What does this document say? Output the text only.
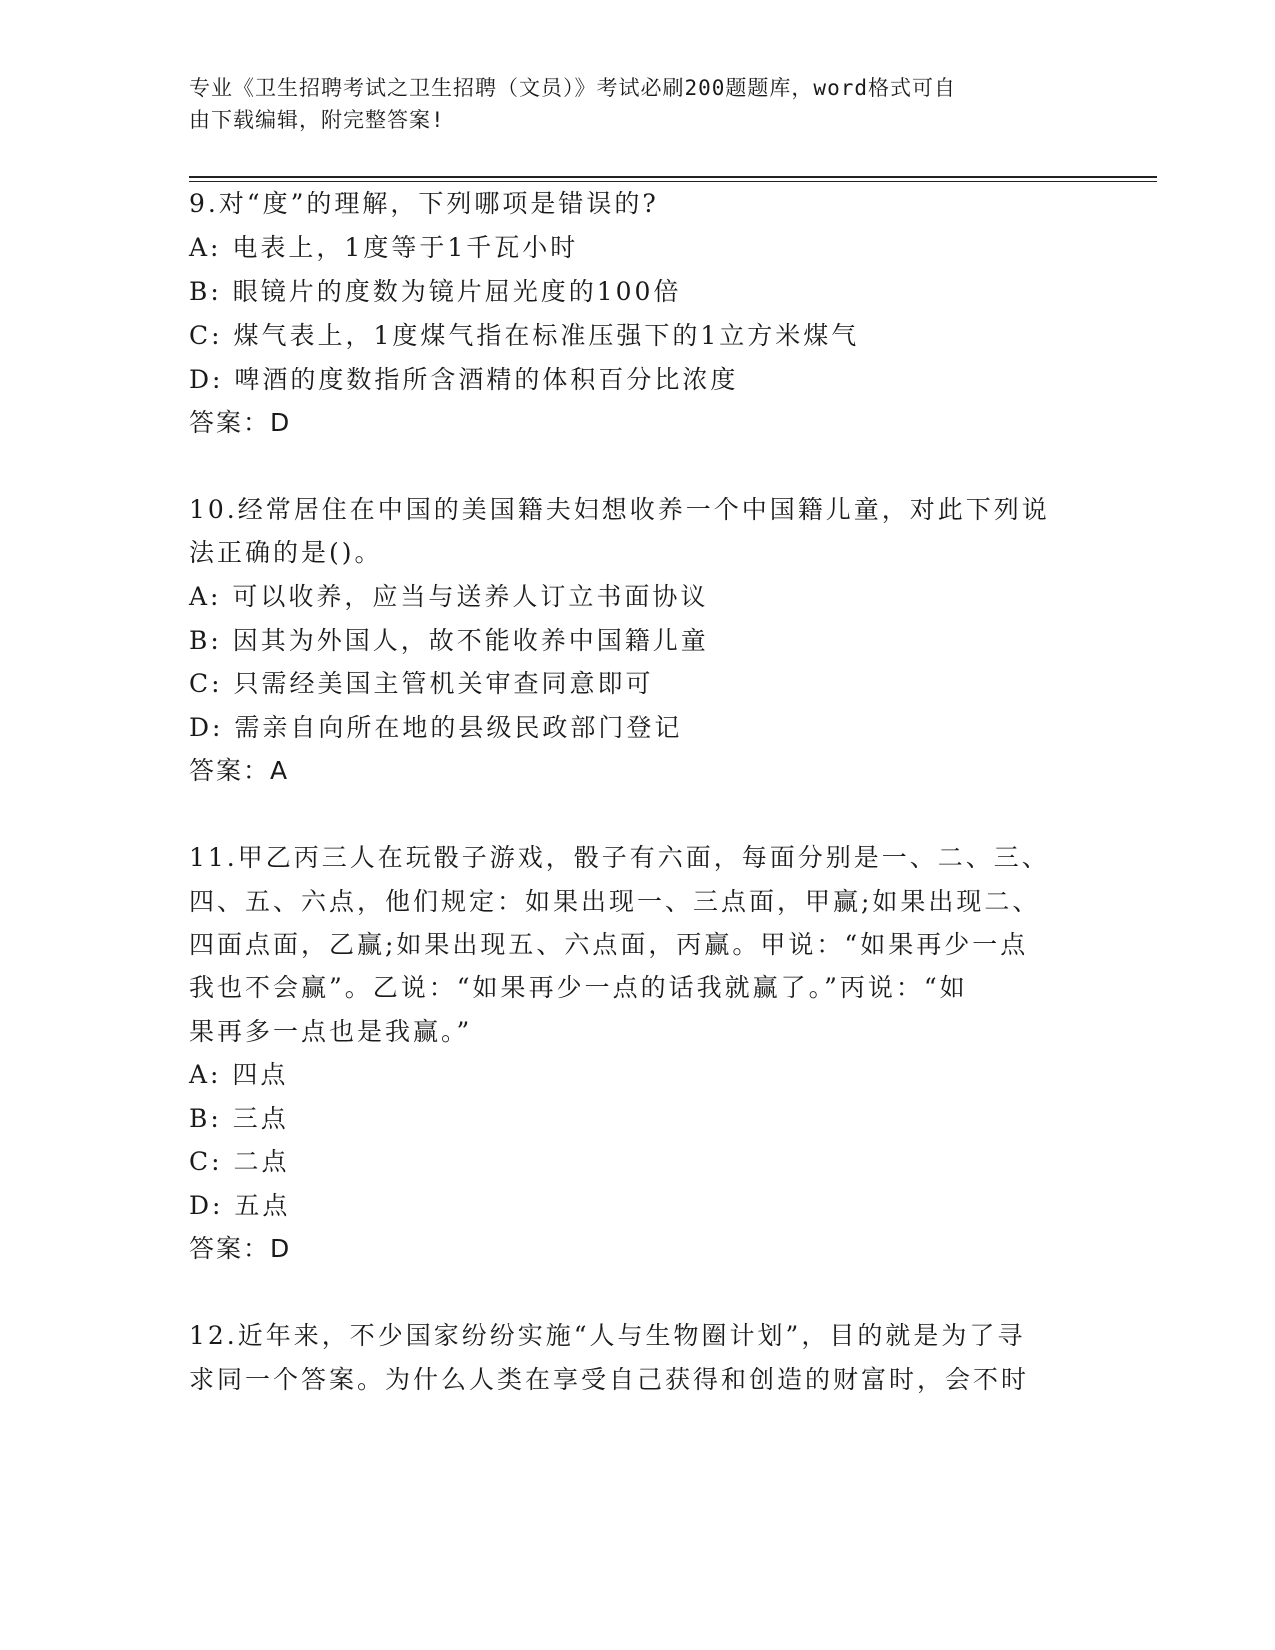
专业《卫生招聘考试之卫生招聘（文员）》考试必刷200题题库，word格式可自
由下载编辑，附完整答案!
9.对“度”的理解，下列哪项是错误的?
A: 电表上，1度等于1千瓦小时
B: 眼镜片的度数为镜片屈光度的100倍
C: 煤气表上，1度煤气指在标准压强下的1立方米煤气
D: 啤酒的度数指所含酒精的体积百分比浓度
答案：D
10.经常居住在中国的美国籍夫妇想收养一个中国籍儿童，对此下列说
法正确的是()。
A: 可以收养，应当与送养人订立书面协议
B: 因其为外国人，故不能收养中国籍儿童
C: 只需经美国主管机关审查同意即可
D: 需亲自向所在地的县级民政部门登记
答案：A
11.甲乙丙三人在玩骰子游戏，骰子有六面，每面分别是一、二、三、
四、五、六点，他们规定：如果出现一、三点面，甲赢;如果出现二、
四面点面，乙赢;如果出现五、六点面，丙赢。甲说：“如果再少一点
我也不会赢”。乙说：“如果再少一点的话我就赢了。”丙说：“如
果再多一点也是我赢。”
A: 四点
B: 三点
C: 二点
D: 五点
答案：D
12.近年来，不少国家纷纷实施“人与生物圈计划”，目的就是为了寻
求同一个答案。为什么人类在享受自己获得和创造的财富时，会不时
